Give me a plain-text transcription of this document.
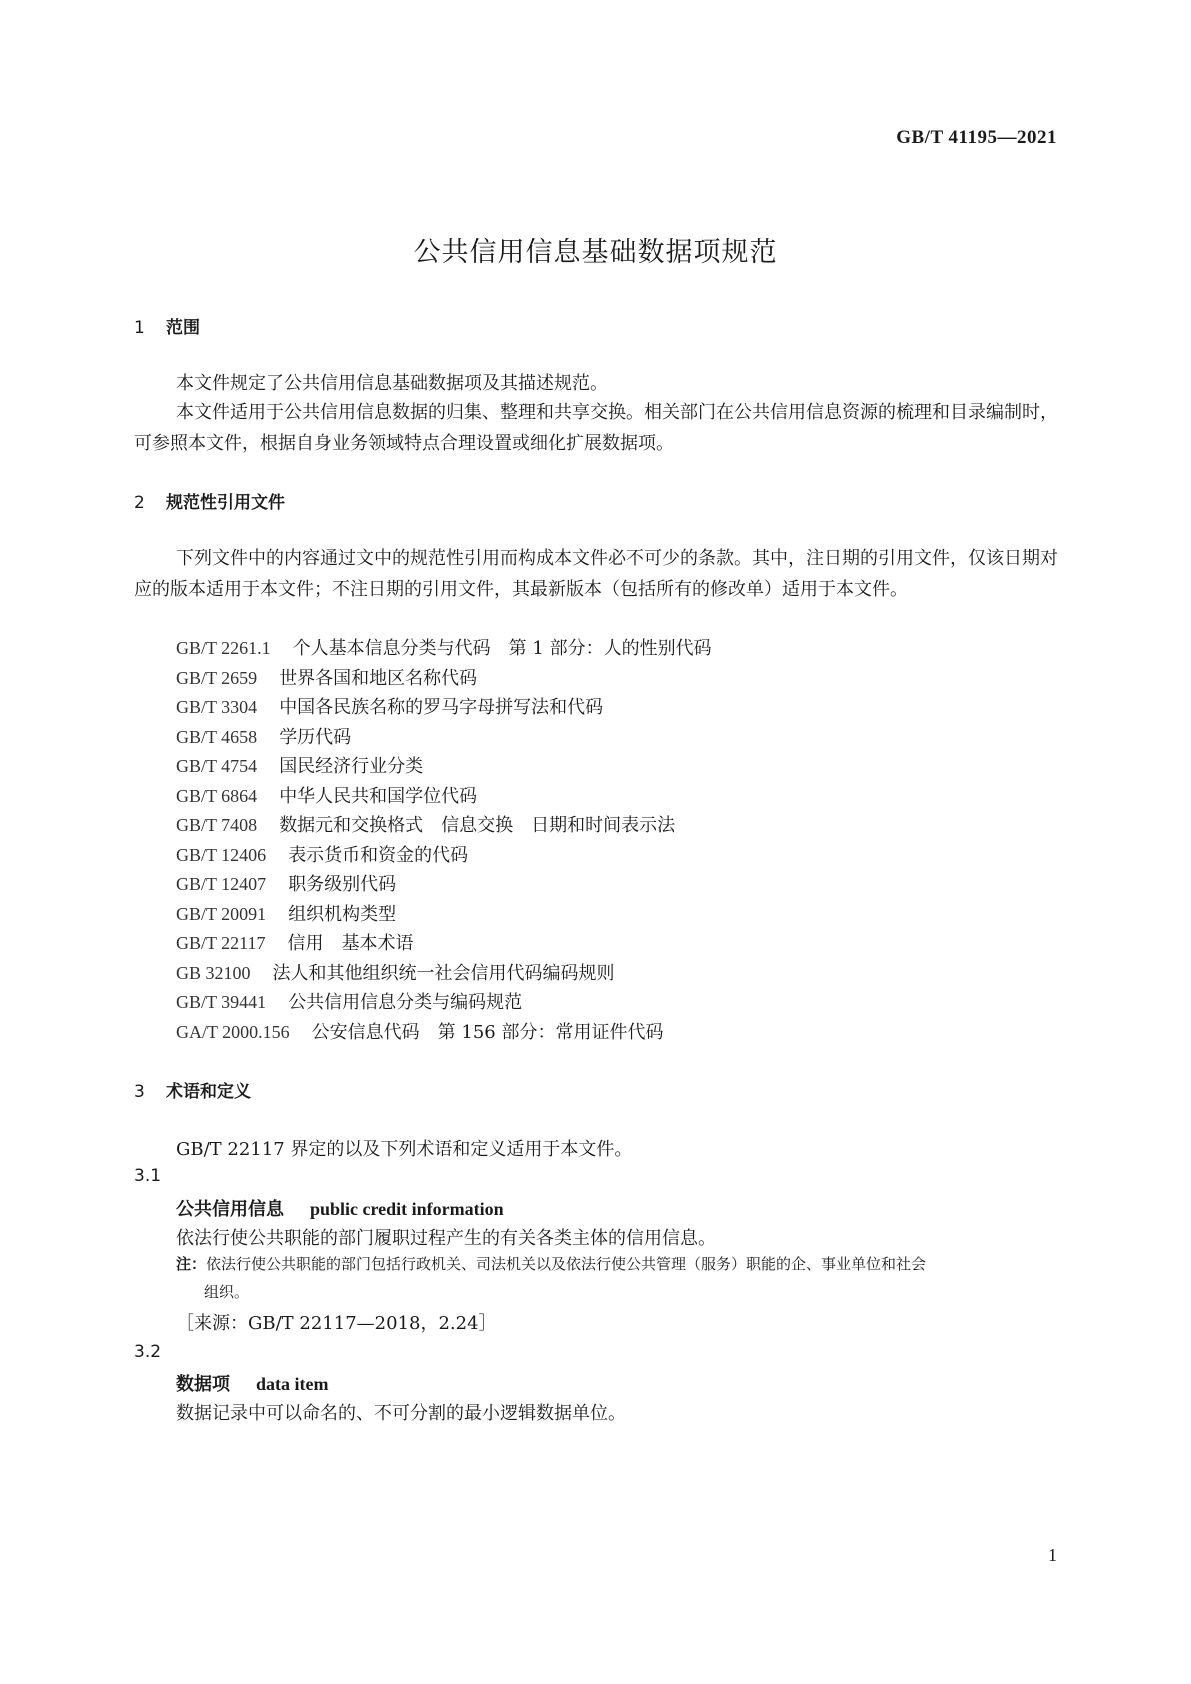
GB/T 41195—2021
公共信用信息基础数据项规范
1 范围
本文件规定了公共信用信息基础数据项及其描述规范。
本文件适用于公共信用信息数据的归集、整理和共享交换。相关部门在公共信用信息资源的梳理和目录编制时，可参照本文件，根据自身业务领域特点合理设置或细化扩展数据项。
2 规范性引用文件
下列文件中的内容通过文中的规范性引用而构成本文件必不可少的条款。其中，注日期的引用文件，仅该日期对应的版本适用于本文件；不注日期的引用文件，其最新版本（包括所有的修改单）适用于本文件。
GB/T 2261.1 个人基本信息分类与代码　第 1 部分：人的性别代码
GB/T 2659 世界各国和地区名称代码
GB/T 3304 中国各民族名称的罗马字母拼写法和代码
GB/T 4658 学历代码
GB/T 4754 国民经济行业分类
GB/T 6864 中华人民共和国学位代码
GB/T 7408 数据元和交换格式　信息交换　日期和时间表示法
GB/T 12406 表示货币和资金的代码
GB/T 12407 职务级别代码
GB/T 20091 组织机构类型
GB/T 22117 信用　基本术语
GB 32100 法人和其他组织统一社会信用代码编码规则
GB/T 39441 公共信用信息分类与编码规范
GA/T 2000.156 公安信息代码　第 156 部分：常用证件代码
3 术语和定义
GB/T 22117 界定的以及下列术语和定义适用于本文件。
3.1
公共信用信息 public credit information
依法行使公共职能的部门履职过程产生的有关各类主体的信用信息。
注：依法行使公共职能的部门包括行政机关、司法机关以及依法行使公共管理（服务）职能的企、事业单位和社会
组织。
［来源：GB/T 22117—2018，2.24］
3.2
数据项 data item
数据记录中可以命名的、不可分割的最小逻辑数据单位。
1
